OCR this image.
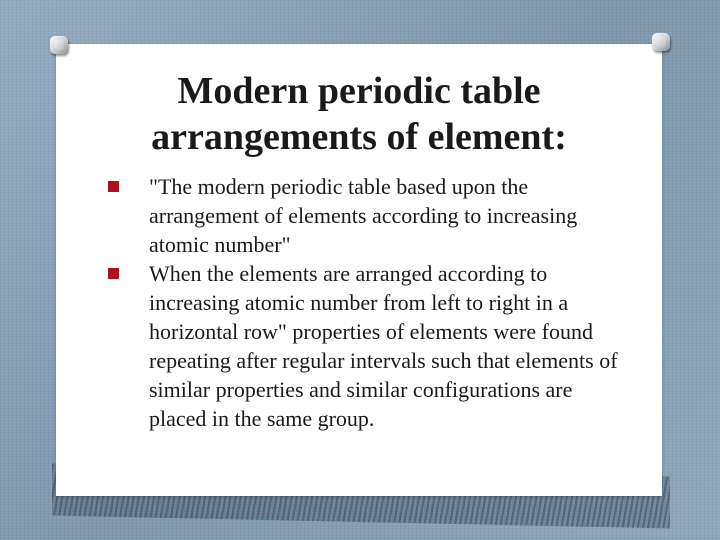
Modern periodic table
arrangements of element:
"The modern periodic table based upon the arrangement of elements according to increasing atomic number"
When the elements are arranged according to increasing atomic number from left to right in a horizontal row" properties of elements were found repeating after regular intervals such that elements of similar properties and similar configurations are placed in the same group.
